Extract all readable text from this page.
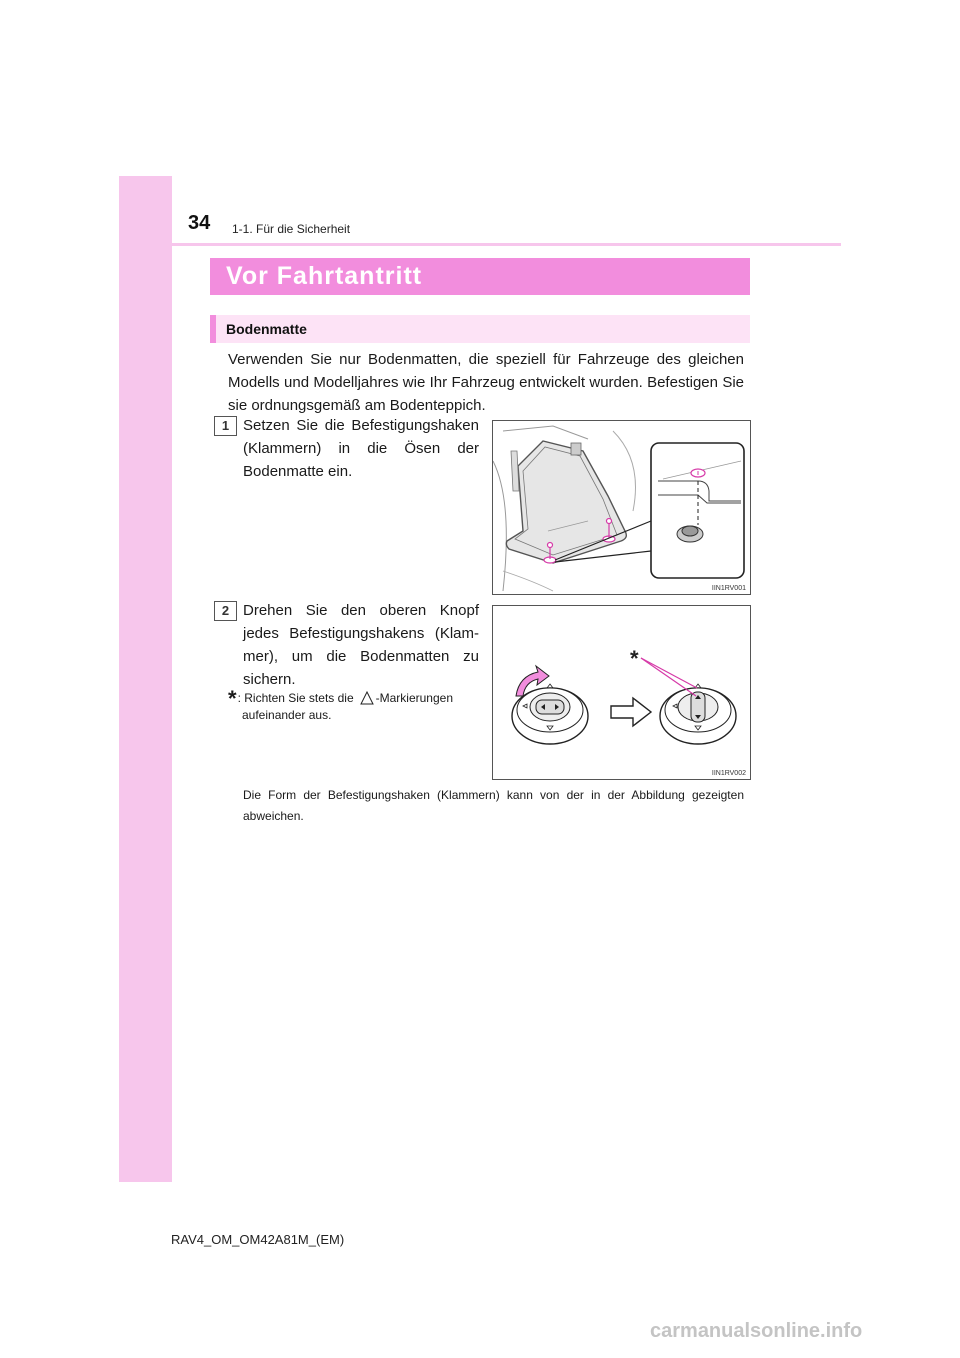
34 1-1. Für die Sicherheit
Vor Fahrtantritt
Bodenmatte
Verwenden Sie nur Bodenmatten, die speziell für Fahrzeuge des gleichen Modells und Modelljahres wie Ihr Fahrzeug entwickelt wurden. Befestigen Sie sie ordnungsgemäß am Bodenteppich.
1 Setzen Sie die Befestigungshaken (Klammern) in die Ösen der Bodenmatte ein.
IIN1RV001
2 Drehen Sie den oberen Knopf jedes Befestigungshakens (Klam-mer), um die Bodenmatten zu sichern.
*: Richten Sie stets die -Markierungen
aufeinander aus.
*
IIN1RV002
Die Form der Befestigungshaken (Klammern) kann von der in der Abbildung gezeigten abweichen.
RAV4_OM_OM42A81M_(EM)
carmanualsonline.info
